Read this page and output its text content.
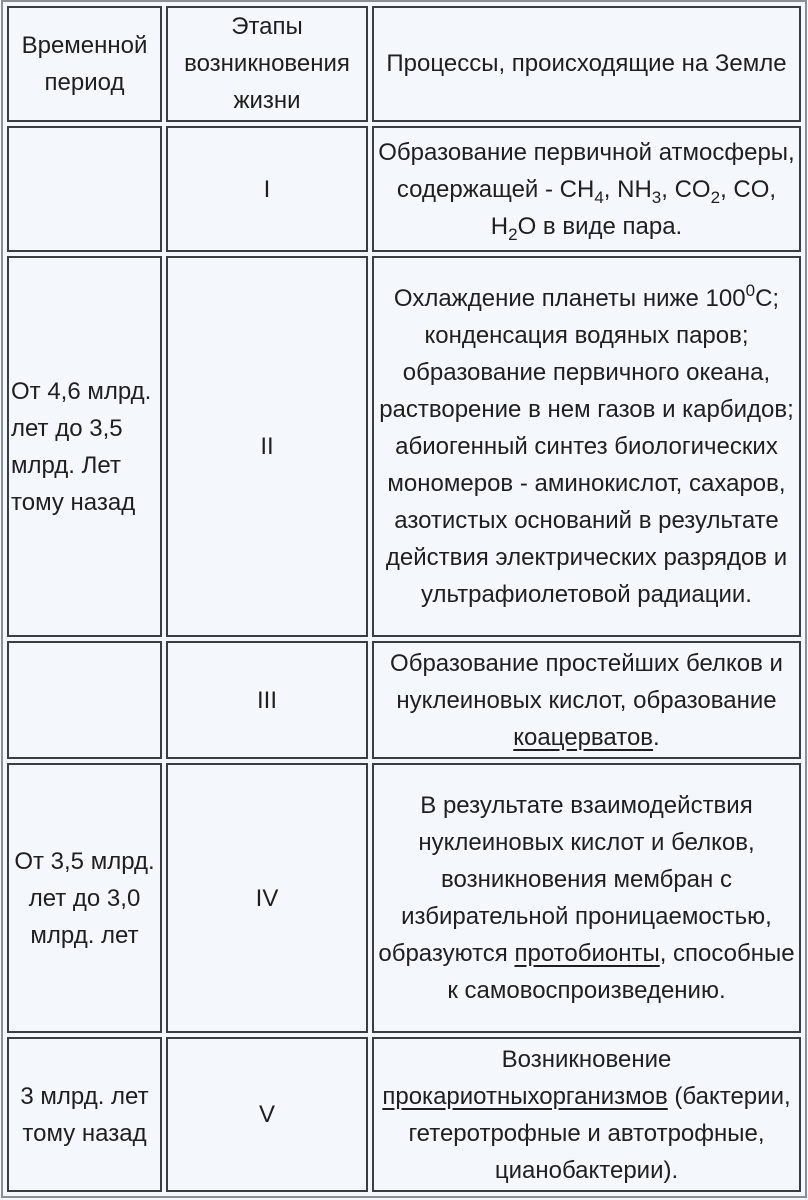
Временной период	Этапы возникновения жизни	Процессы, происходящие на Земле
	I	Образование первичной атмосферы, содержащей - $СН_4$, $NH_3$, $CO_2$, CO, $H_2O$ в виде пара.
От 4,6 млрд. лет до 3,5 млрд. Лет тому назад	II	Охлаждение планеты ниже $100^0С$; конденсация водяных паров; образование первичного океана, растворение в нем газов и карбидов; абиогенный синтез биологических мономеров - аминокислот, сахаров, азотистых оснований в результате действия электрических разрядов и ультрафиолетовой радиации.
	III	Образование простейших белков и нуклеиновых кислот, образование коацерватов.
От 3,5 млрд. лет до 3,0 млрд. лет	IV	В результате взаимодействия нуклеиновых кислот и белков, возникновения мембран с избирательной проницаемостью, образуются протобионты, способные к самовоспроизведению.
3 млрд. лет тому назад	V	Возникновение прокариотныхорганизмов (бактерии, гетеротрофные и автотрофные, цианобактерии).
